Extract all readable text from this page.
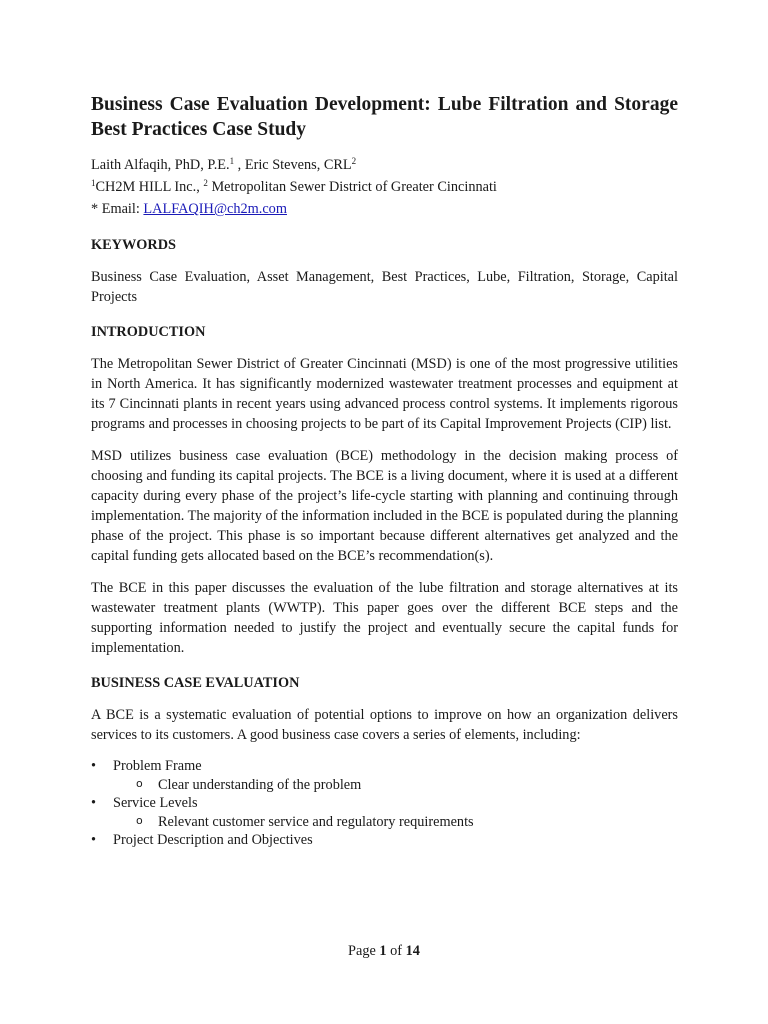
Business Case Evaluation Development: Lube Filtration and Storage Best Practices Case Study
Laith Alfaqih, PhD, P.E.$^1$ , Eric Stevens, CRL$^2$
$^1$CH2M HILL Inc., $^2$ Metropolitan Sewer District of Greater Cincinnati
* Email: LALFAQIH@ch2m.com
KEYWORDS

Business Case Evaluation, Asset Management, Best Practices, Lube, Filtration, Storage, Capital Projects

INTRODUCTION

The Metropolitan Sewer District of Greater Cincinnati (MSD) is one of the most progressive utilities in North America. It has significantly modernized wastewater treatment processes and equipment at its 7 Cincinnati plants in recent years using advanced process control systems. It implements rigorous programs and processes in choosing projects to be part of its Capital Improvement Projects (CIP) list.

MSD utilizes business case evaluation (BCE) methodology in the decision making process of choosing and funding its capital projects. The BCE is a living document, where it is used at a different capacity during every phase of the project’s life-cycle starting with planning and continuing through implementation. The majority of the information included in the BCE is populated during the planning phase of the project. This phase is so important because different alternatives get analyzed and the capital funding gets allocated based on the BCE’s recommendation(s).

The BCE in this paper discusses the evaluation of the lube filtration and storage alternatives at its wastewater treatment plants (WWTP). This paper goes over the different BCE steps and the supporting information needed to justify the project and eventually secure the capital funds for implementation.

BUSINESS CASE EVALUATION

A BCE is a systematic evaluation of potential options to improve on how an organization delivers services to its customers. A good business case covers a series of elements, including:

• Problem Frame
o Clear understanding of the problem
• Service Levels
o Relevant customer service and regulatory requirements
• Project Description and Objectives
Page 1 of 14
